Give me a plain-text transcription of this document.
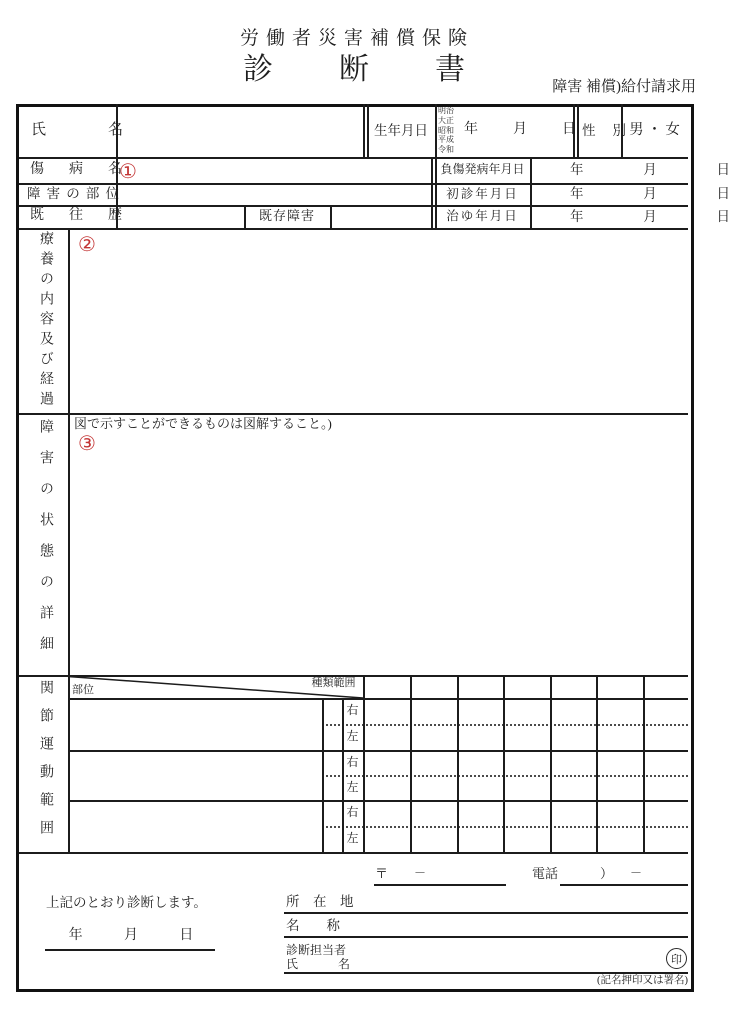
労働者災害補償保険
診　　断　　書
障害 補償)給付請求用
氏　名	生年月日
明治
大正
昭和
平成
令和
年	月	日 性別 男 ・ 女
傷　病　名
①
障害の部位
既　往　歴	既存障害
負傷発病年月日	年	月	日
初診年月日	年	月	日
治ゆ年月日	年	月	日
療養の内容及び経過	②
障害の状態の詳細	図で示すことができるものは図解すること。)
③
関節運動範囲	種類範囲
部位
右
左
右
左
右
左
〒 －	電話	） －
上記のとおり診断します。
年	月	日
所　在　地
名　　称
診断担当者
氏　名	印
(記名押印又は署名)
